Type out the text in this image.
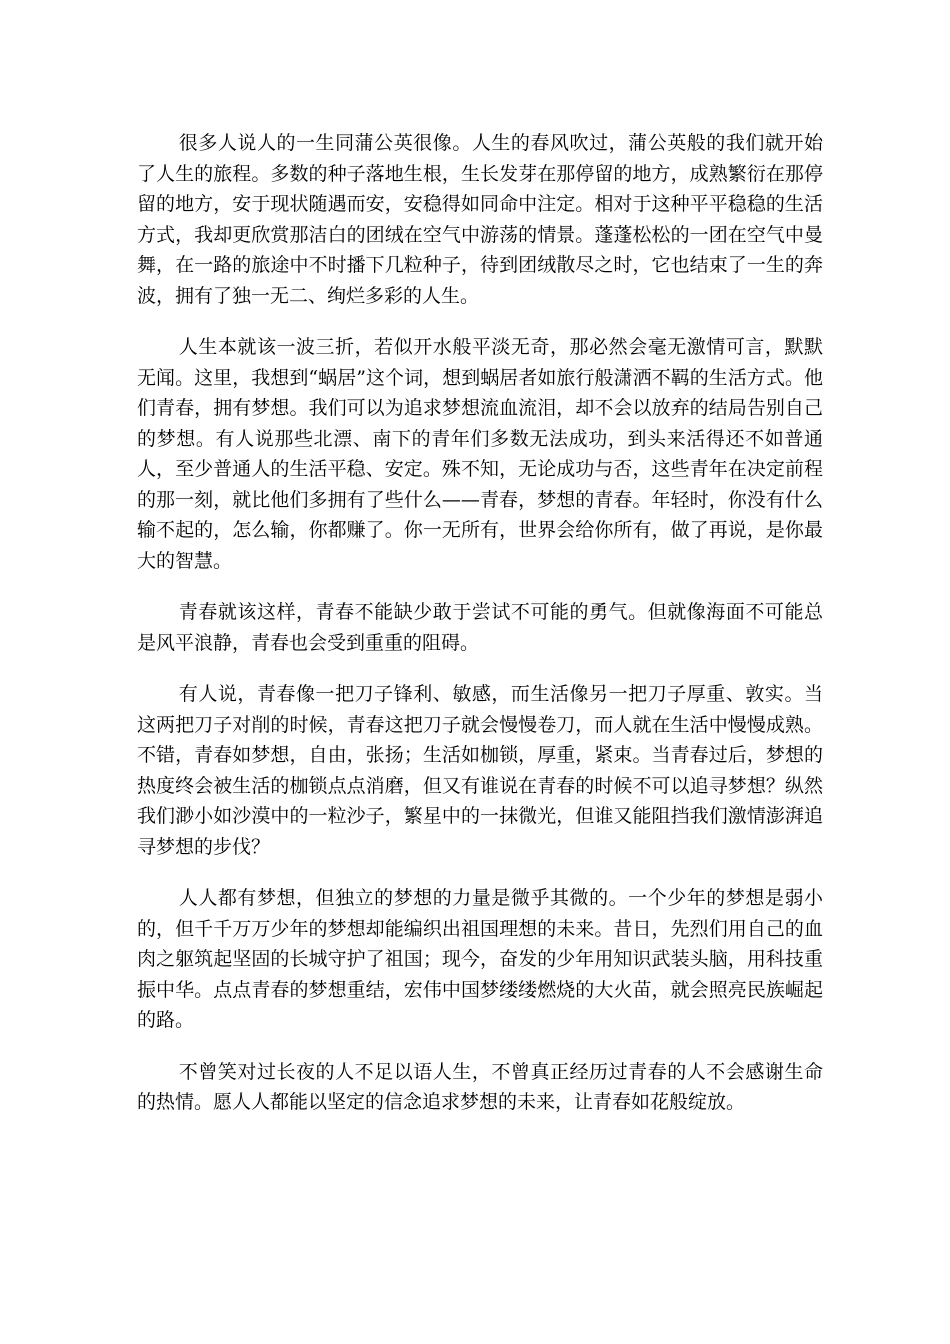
很多人说人的一生同蒲公英很像。人生的春风吹过，蒲公英般的我们就开始了人生的旅程。多数的种子落地生根，生长发芽在那停留的地方，成熟繁衍在那停留的地方，安于现状随遇而安，安稳得如同命中注定。相对于这种平平稳稳的生活方式，我却更欣赏那洁白的团绒在空气中游荡的情景。蓬蓬松松的一团在空气中曼舞，在一路的旅途中不时播下几粒种子，待到团绒散尽之时，它也结束了一生的奔波，拥有了独一无二、绚烂多彩的人生。

人生本就该一波三折，若似开水般平淡无奇，那必然会毫无激情可言，默默无闻。这里，我想到“蜗居”这个词，想到蜗居者如旅行般潇洒不羁的生活方式。他们青春，拥有梦想。我们可以为追求梦想流血流泪，却不会以放弃的结局告别自己的梦想。有人说那些北漂、南下的青年们多数无法成功，到头来活得还不如普通人，至少普通人的生活平稳、安定。殊不知，无论成功与否，这些青年在决定前程的那一刻，就比他们多拥有了些什么——青春，梦想的青春。年轻时，你没有什么输不起的，怎么输，你都赚了。你一无所有，世界会给你所有，做了再说，是你最 大的智慧。

青春就该这样，青春不能缺少敢于尝试不可能的勇气。但就像海面不可能总是风平浪静，青春也会受到重重的阻碍。

有人说，青春像一把刀子锋利、敏感，而生活像另一把刀子厚重、敦实。当这两把刀子对削的时候，青春这把刀子就会慢慢卷刀，而人就在生活中慢慢成熟。不错，青春如梦想，自由，张扬；生活如枷锁，厚重，紧束。当青春过后，梦想的热度终会被生活的枷锁点点消磨，但又有谁说在青春的时候不可以追寻梦想？纵然我们渺小如沙漠中的一粒沙子，繁星中的一抹微光，但谁又能阻挡我们激情澎湃追寻梦想的步伐？

人人都有梦想，但独立的梦想的力量是微乎其微的。一个少年的梦想是弱小的，但千千万万少年的梦想却能编织出祖国理想的未来。昔日，先烈们用自己的血肉之躯筑起坚固的长城守护了祖国；现今，奋发的少年用知识武装头脑，用科技重振中华。点点青春的梦想重结，宏伟中国梦缕缕燃烧的大火苗，就会照亮民族崛起的路。

不曾笑对过长夜的人不足以语人生，不曾真正经历过青春的人不会感谢生命的热情。愿人人都能以坚定的信念追求梦想的未来，让青春如花般绽放。
